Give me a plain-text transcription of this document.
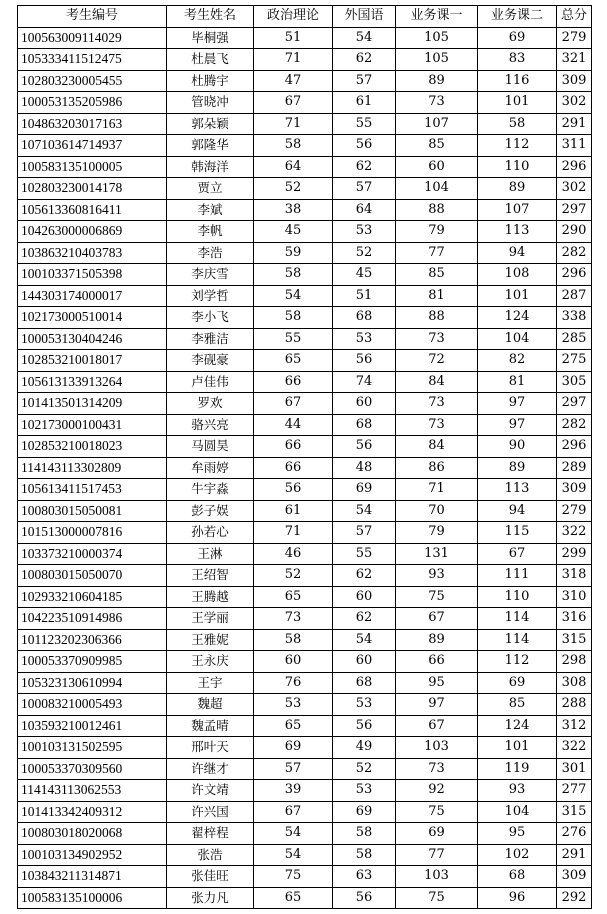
考生编号	考生姓名	政治理论	外国语	业务课一	业务课二	总分
100563009114029	毕桐强	51	54	105	69	279
105333411512475	杜晨飞	71	62	105	83	321
102803230005455	杜腾宇	47	57	89	116	309
100053135205986	管晓冲	67	61	73	101	302
104863203017163	郭朵颖	71	55	107	58	291
107103614714937	郭隆华	58	56	85	112	311
100583135100005	韩海洋	64	62	60	110	296
102803230014178	贾立	52	57	104	89	302
105613360816411	李斌	38	64	88	107	297
104263000006869	李帆	45	53	79	113	290
103863210403783	李浩	59	52	77	94	282
100103371505398	李庆雪	58	45	85	108	296
144303174000017	刘学哲	54	51	81	101	287
102173000510014	李小飞	58	68	88	124	338
100053130404246	李雅洁	55	53	73	104	285
102853210018017	李砚豪	65	56	72	82	275
105613133913264	卢佳伟	66	74	84	81	305
101413501314209	罗欢	67	60	73	97	297
102173000100431	骆兴亮	44	68	73	97	282
102853210018023	马圆昊	66	56	84	90	296
114143113302809	牟雨婷	66	48	86	89	289
105613411517453	牛宇淼	56	69	71	113	309
100803015050081	彭子娱	61	54	70	94	279
101513000007816	孙若心	71	57	79	115	322
103373210000374	王淋	46	55	131	67	299
100803015050070	王绍智	52	62	93	111	318
102933210604185	王腾越	65	60	75	110	310
104223510914986	王学丽	73	62	67	114	316
101123202306366	王雅妮	58	54	89	114	315
100053370909985	王永庆	60	60	66	112	298
105323130610994	王宇	76	68	95	69	308
100083210005493	魏超	53	53	97	85	288
103593210012461	魏孟晴	65	56	67	124	312
100103131502595	邢叶天	69	49	103	101	322
100053370309560	许继才	57	52	73	119	301
114143113062553	许文靖	39	53	92	93	277
101413342409312	许兴国	67	69	75	104	315
100803018020068	翟梓程	54	58	69	95	276
100103134902952	张浩	54	58	77	102	291
103843211314871	张佳旺	75	63	103	68	309
100583135100006	张力凡	65	56	75	96	292
